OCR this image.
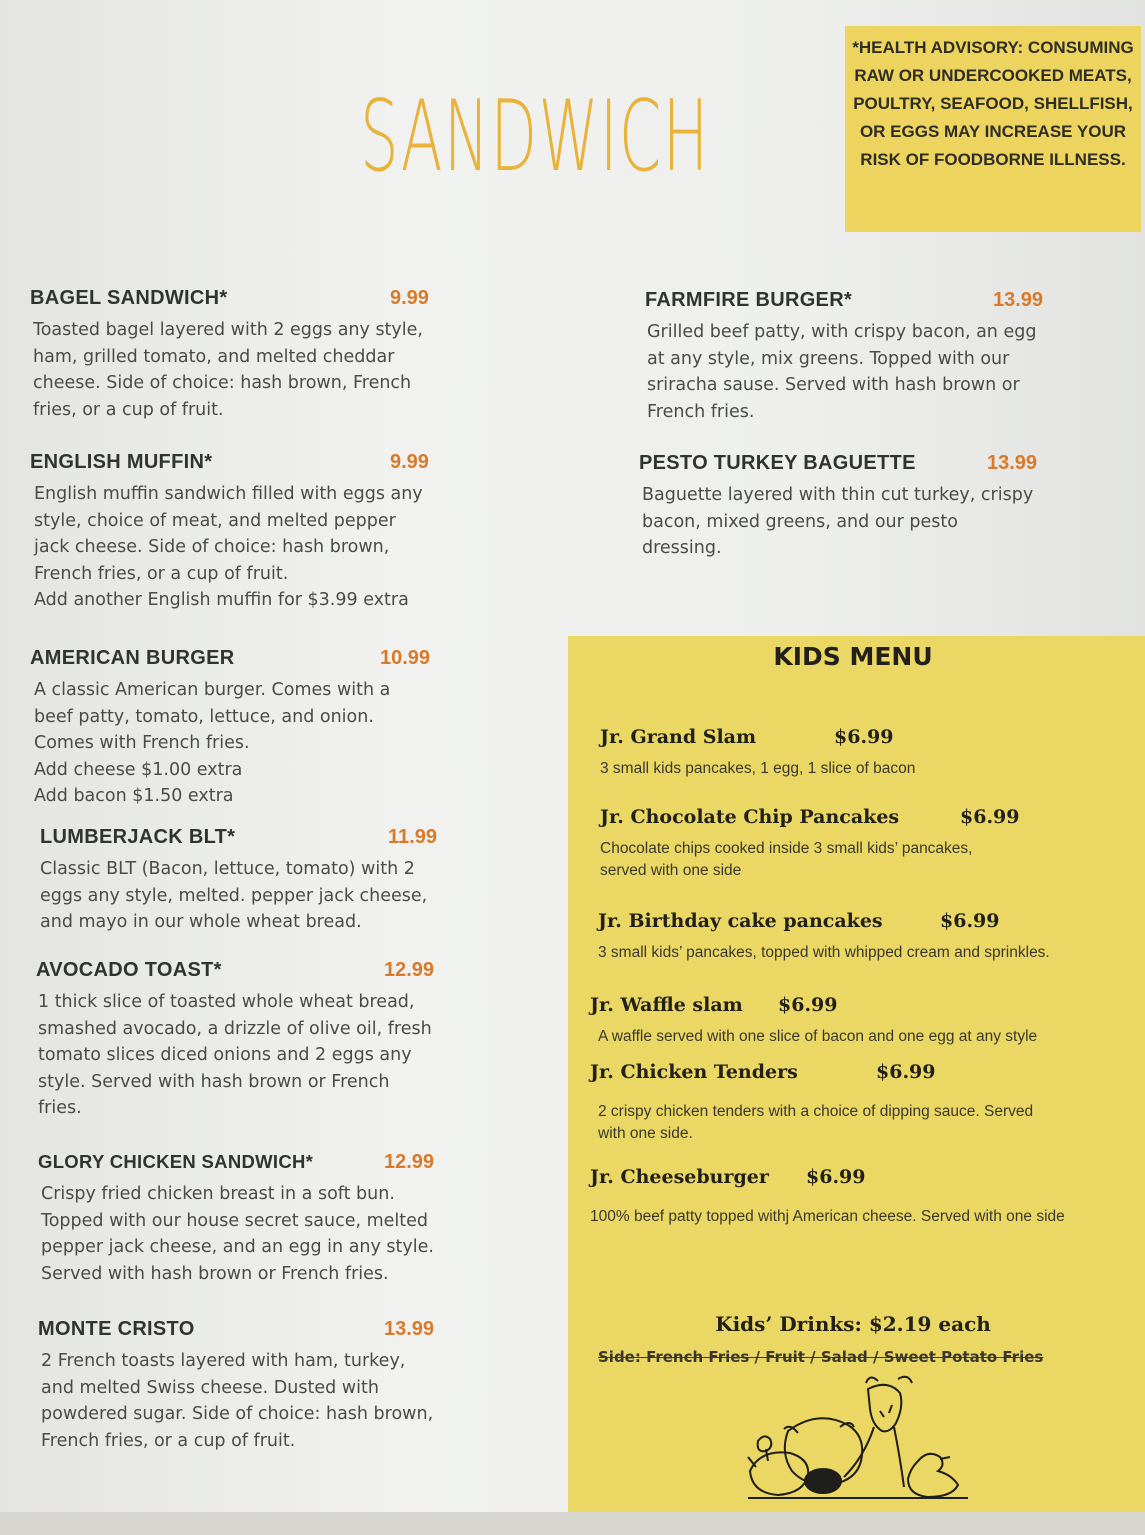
SANDWICH
*HEALTH ADVISORY: CONSUMING RAW OR UNDERCOOKED MEATS, POULTRY, SEAFOOD, SHELLFISH, OR EGGS MAY INCREASE YOUR RISK OF FOODBORNE ILLNESS.
BAGEL SANDWICH*	9.99
Toasted bagel layered with 2 eggs any style,
ham, grilled tomato, and melted cheddar
cheese. Side of choice: hash brown, French
fries, or a cup of fruit.
ENGLISH MUFFIN*	9.99
English muffin sandwich filled with eggs any
style, choice of meat, and melted pepper
jack cheese. Side of choice: hash brown,
French fries, or a cup of fruit.
Add another English muffin for $3.99 extra
AMERICAN BURGER	10.99
A classic American burger. Comes with a
beef patty, tomato, lettuce, and onion.
Comes with French fries.
Add cheese $1.00 extra
Add bacon $1.50 extra
LUMBERJACK BLT*	11.99
Classic BLT (Bacon, lettuce, tomato) with 2
eggs any style, melted. pepper jack cheese,
and mayo in our whole wheat bread.
AVOCADO TOAST*	12.99
1 thick slice of toasted whole wheat bread,
smashed avocado, a drizzle of olive oil, fresh
tomato slices diced onions and 2 eggs any
style. Served with hash brown or French
fries.
GLORY CHICKEN SANDWICH*	12.99
Crispy fried chicken breast in a soft bun.
Topped with our house secret sauce, melted
pepper jack cheese, and an egg in any style.
Served with hash brown or French fries.
MONTE CRISTO	13.99
2 French toasts layered with ham, turkey,
and melted Swiss cheese. Dusted with
powdered sugar. Side of choice: hash brown,
French fries, or a cup of fruit.
FARMFIRE BURGER*	13.99
Grilled beef patty, with crispy bacon, an egg
at any style, mix greens. Topped with our
sriracha sause. Served with hash brown or
French fries.
PESTO TURKEY BAGUETTE	13.99
Baguette layered with thin cut turkey, crispy
bacon, mixed greens, and our pesto
dressing.
KIDS MENU
Jr. Grand Slam	$6.99
3 small kids pancakes, 1 egg, 1 slice of bacon
Jr. Chocolate Chip Pancakes	$6.99
Chocolate chips cooked inside 3 small kids’ pancakes,
served with one side
Jr. Birthday cake pancakes	$6.99
3 small kids’ pancakes, topped with whipped cream and sprinkles.
Jr. Waffle slam $6.99
A waffle served with one slice of bacon and one egg at any style
Jr. Chicken Tenders	$6.99
2 crispy chicken tenders with a choice of dipping sauce. Served
with one side.
Jr. Cheeseburger $6.99
100% beef patty topped withj American cheese. Served with one side
Kids’ Drinks: $2.19 each
Side: French Fries / Fruit / Salad / Sweet Potato Fries
